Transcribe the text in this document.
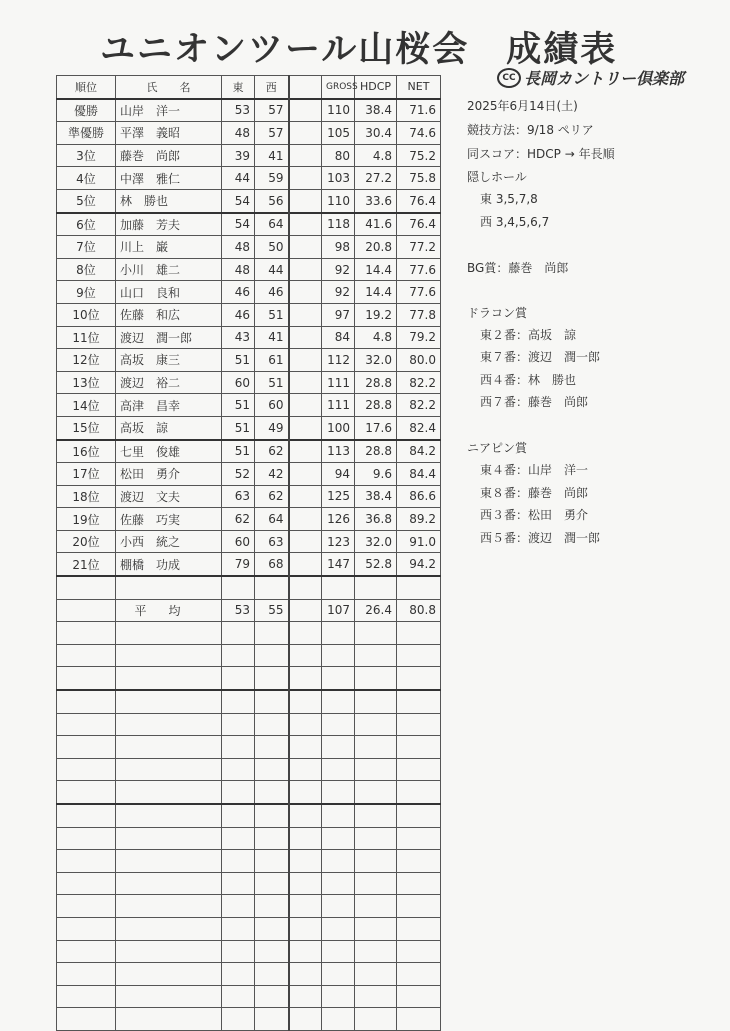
ユニオンツール山桜会　成績表
CC 長岡カントリー倶楽部
順位	氏　　名	東	西		GROSS	HDCP	NET
優勝	山岸　洋一	53	57		110	38.4	71.6
準優勝	平澤　義昭	48	57		105	30.4	74.6
3位	藤巻　尚郎	39	41		80	4.8	75.2
4位	中澤　雅仁	44	59		103	27.2	75.8
5位	林　勝也	54	56		110	33.6	76.4
6位	加藤　芳夫	54	64		118	41.6	76.4
7位	川上　巌	48	50		98	20.8	77.2
8位	小川　雄二	48	44		92	14.4	77.6
9位	山口　良和	46	46		92	14.4	77.6
10位	佐藤　和広	46	51		97	19.2	77.8
11位	渡辺　潤一郎	43	41		84	4.8	79.2
12位	高坂　康三	51	61		112	32.0	80.0
13位	渡辺　裕二	60	51		111	28.8	82.2
14位	高津　昌幸	51	60		111	28.8	82.2
15位	高坂　諒	51	49		100	17.6	82.4
16位	七里　俊雄	51	62		113	28.8	84.2
17位	松田　勇介	52	42		94	9.6	84.4
18位	渡辺　文夫	63	62		125	38.4	86.6
19位	佐藤　巧実	62	64		126	36.8	89.2
20位	小西　統之	60	63		123	32.0	91.0
21位	棚橋　功成	79	68		147	52.8	94.2

	平均	53	55		107	26.4	80.8

2025年6月14日(土)
競技方法：9/18 ペリア
同スコア：HDCP → 年長順
隠しホール
東 3,5,7,8
西 3,4,5,6,7
BG賞：藤巻　尚郎
ドラコン賞
東２番：高坂　諒
東７番：渡辺　潤一郎
西４番：林　勝也
西７番：藤巻　尚郎
ニアピン賞
東４番：山岸　洋一
東８番：藤巻　尚郎
西３番：松田　勇介
西５番：渡辺　潤一郎
